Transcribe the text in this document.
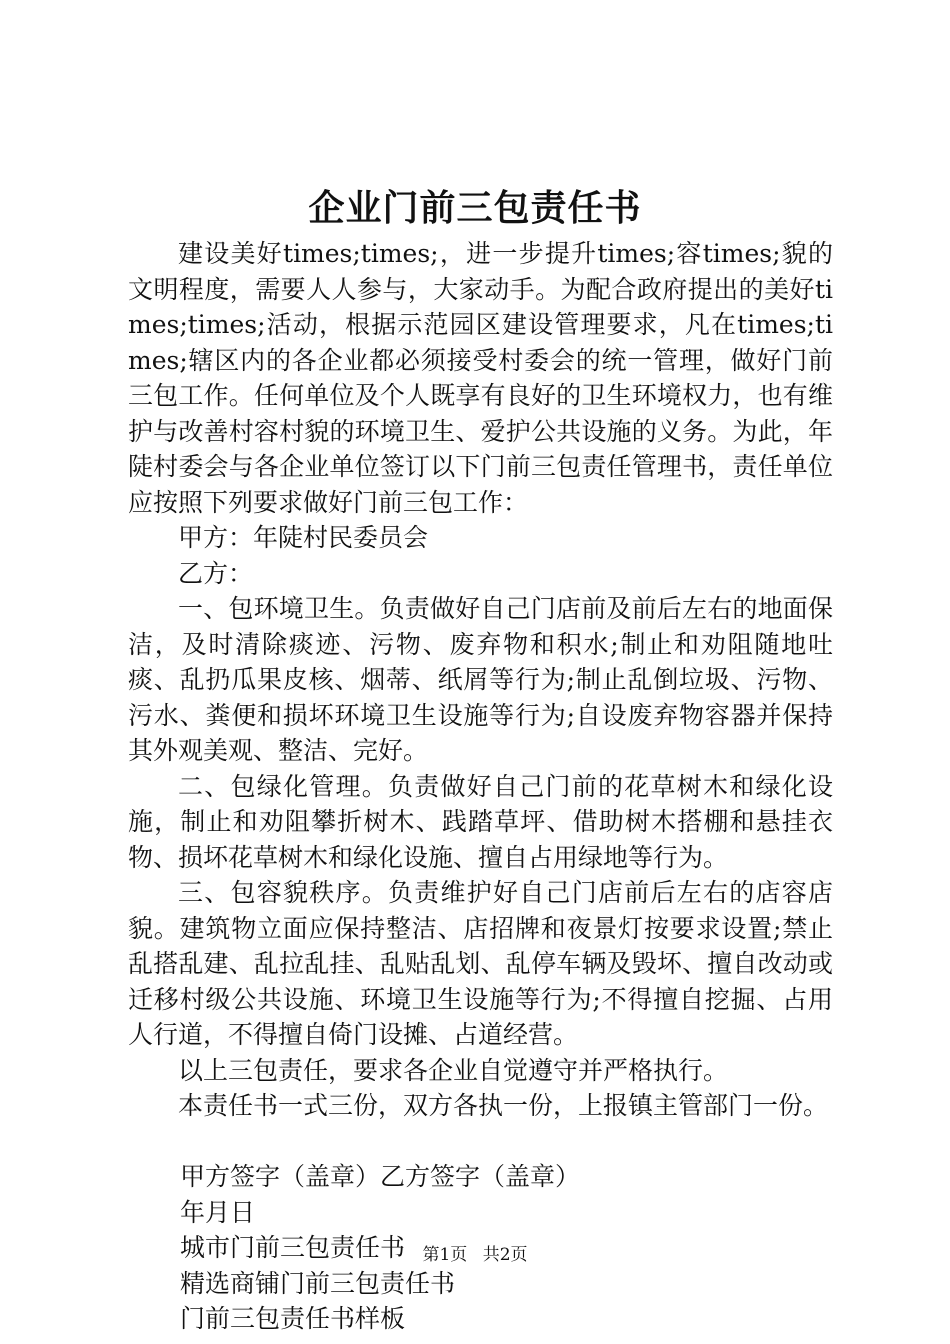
企业门前三包责任书

建设美好times;times;，进一步提升times;容times;貌的文明程度，需要人人参与，大家动手。为配合政府提出的美好times;times;活动，根据示范园区建设管理要求，凡在times;times;辖区内的各企业都必须接受村委会的统一管理，做好门前三包工作。任何单位及个人既享有良好的卫生环境权力，也有维护与改善村容村貌的环境卫生、爱护公共设施的义务。为此，年陡村委会与各企业单位签订以下门前三包责任管理书，责任单位应按照下列要求做好门前三包工作：

甲方：年陡村民委员会

乙方：

一、包环境卫生。负责做好自己门店前及前后左右的地面保洁，及时清除痰迹、污物、废弃物和积水;制止和劝阻随地吐痰、乱扔瓜果皮核、烟蒂、纸屑等行为;制止乱倒垃圾、污物、污水、粪便和损坏环境卫生设施等行为;自设废弃物容器并保持其外观美观、整洁、完好。

二、包绿化管理。负责做好自己门前的花草树木和绿化设施，制止和劝阻攀折树木、践踏草坪、借助树木搭棚和悬挂衣物、损坏花草树木和绿化设施、擅自占用绿地等行为。

三、包容貌秩序。负责维护好自己门店前后左右的店容店貌。建筑物立面应保持整洁、店招牌和夜景灯按要求设置;禁止乱搭乱建、乱拉乱挂、乱贴乱划、乱停车辆及毁坏、擅自改动或迁移村级公共设施、环境卫生设施等行为;不得擅自挖掘、占用人行道，不得擅自倚门设摊、占道经营。

以上三包责任，要求各企业自觉遵守并严格执行。

本责任书一式三份，双方各执一份，上报镇主管部门一份。

甲方签字（盖章）乙方签字（盖章）
年月日
城市门前三包责任书
精选商铺门前三包责任书
门前三包责任书样板
第1页 共2页
